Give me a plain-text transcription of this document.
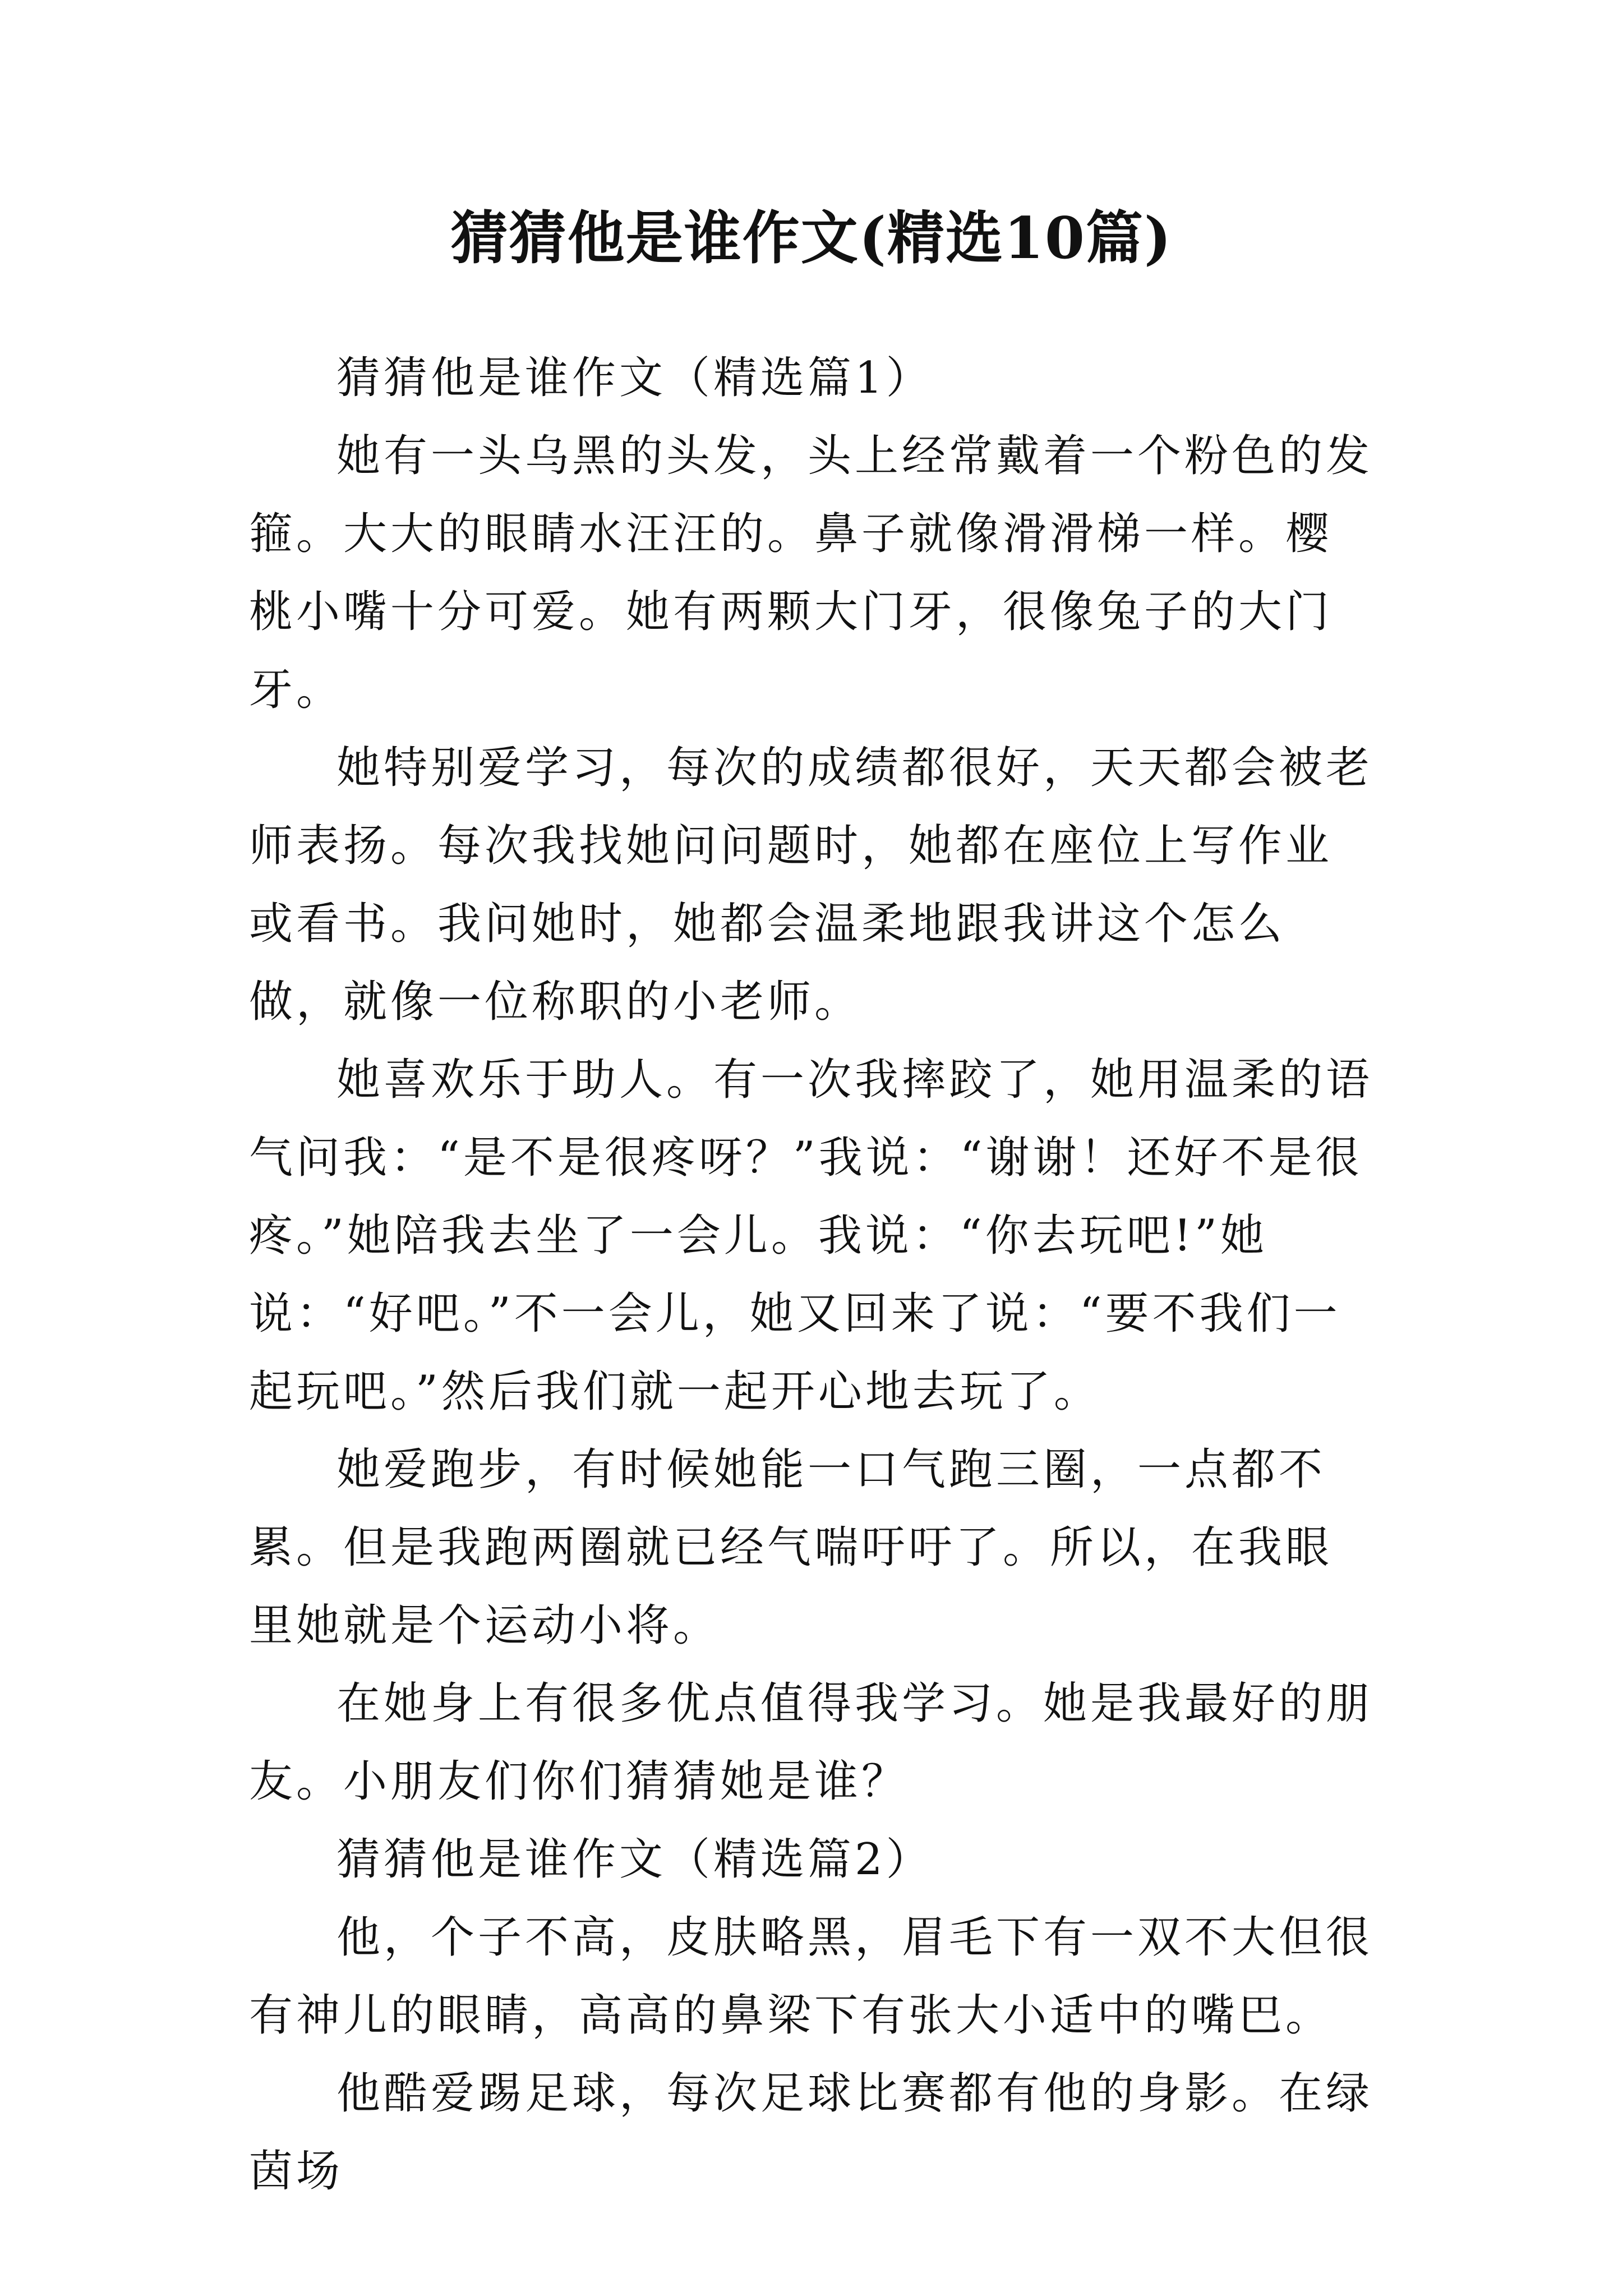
猜猜他是谁作文(精选10篇)

猜猜他是谁作文（精选篇1）

她有一头乌黑的头发，头上经常戴着一个粉色的发箍。大大的眼睛水汪汪的。鼻子就像滑滑梯一样。樱桃小嘴十分可爱。她有两颗大门牙，很像兔子的大门牙。

她特别爱学习，每次的成绩都很好，天天都会被老师表扬。每次我找她问问题时，她都在座位上写作业或看书。我问她时，她都会温柔地跟我讲这个怎么做，就像一位称职的小老师。

她喜欢乐于助人。有一次我摔跤了，她用温柔的语气问我：“是不是很疼呀？”我说：“谢谢！还好不是很疼。”她陪我去坐了一会儿。我说：“你去玩吧!”她说：“好吧。”不一会儿，她又回来了说：“要不我们一起玩吧。”然后我们就一起开心地去玩了。

她爱跑步，有时候她能一口气跑三圈，一点都不累。但是我跑两圈就已经气喘吁吁了。所以，在我眼里她就是个运动小将。

在她身上有很多优点值得我学习。她是我最好的朋友。小朋友们你们猜猜她是谁？

猜猜他是谁作文（精选篇2）

他，个子不高，皮肤略黑，眉毛下有一双不大但很有神儿的眼睛，高高的鼻梁下有张大小适中的嘴巴。

他酷爱踢足球，每次足球比赛都有他的身影。在绿茵场
